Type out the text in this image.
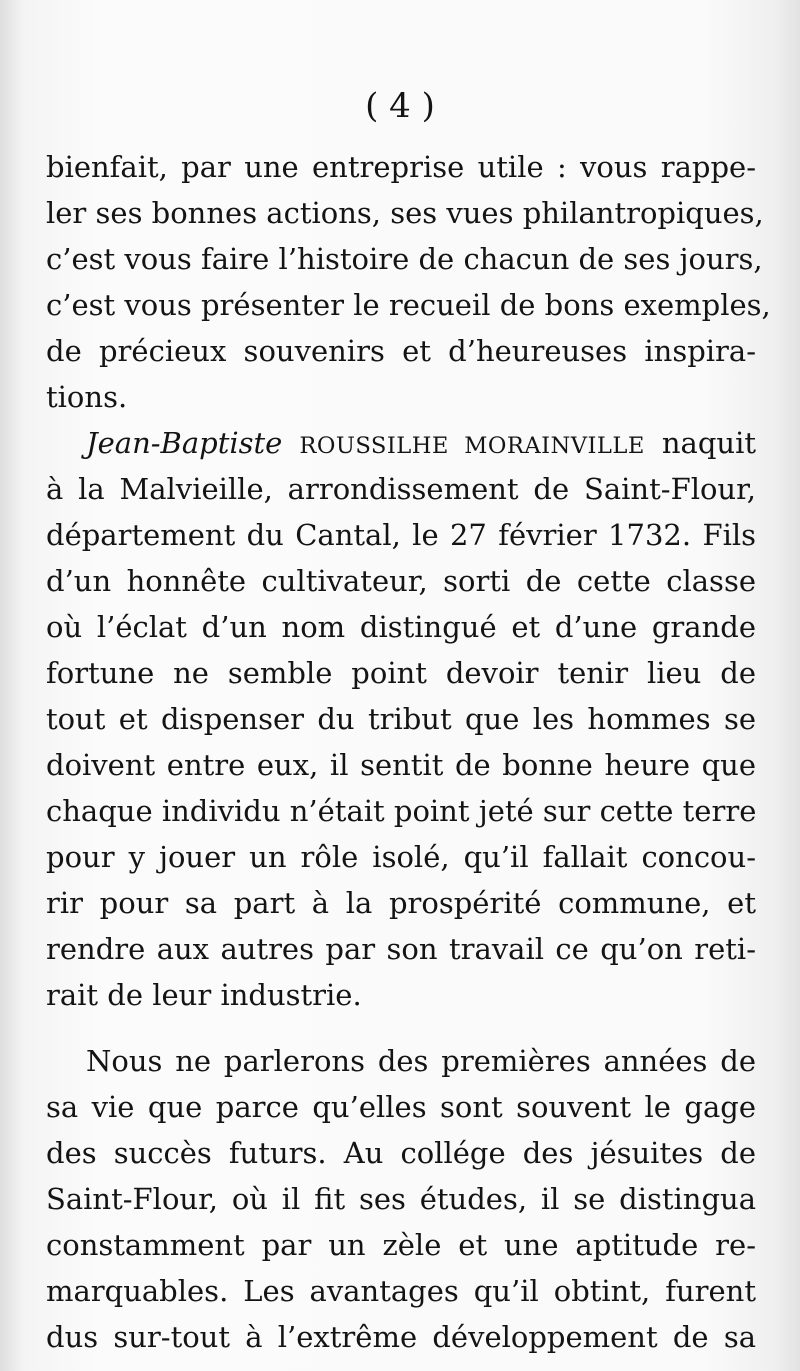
( 4 )
bienfait, par une entreprise utile : vous rappe-
ler ses bonnes actions, ses vues philantropiques,
c’est vous faire l’histoire de chacun de ses jours,
c’est vous présenter le recueil de bons exemples,
de précieux souvenirs et d’heureuses inspira-
tions.
Jean-Baptiste ROUSSILHE MORAINVILLE naquit
à la Malvieille, arrondissement de Saint-Flour,
département du Cantal, le 27 février 1732. Fils
d’un honnête cultivateur, sorti de cette classe
où l’éclat d’un nom distingué et d’une grande
fortune ne semble point devoir tenir lieu de
tout et dispenser du tribut que les hommes se
doivent entre eux, il sentit de bonne heure que
chaque individu n’était point jeté sur cette terre
pour y jouer un rôle isolé, qu’il fallait concou-
rir pour sa part à la prospérité commune, et
rendre aux autres par son travail ce qu’on reti-
rait de leur industrie.
Nous ne parlerons des premières années de
sa vie que parce qu’elles sont souvent le gage
des succès futurs. Au collége des jésuites de
Saint-Flour, où il fit ses études, il se distingua
constamment par un zèle et une aptitude re-
marquables. Les avantages qu’il obtint, furent
dus sur-tout à l’extrême développement de sa
